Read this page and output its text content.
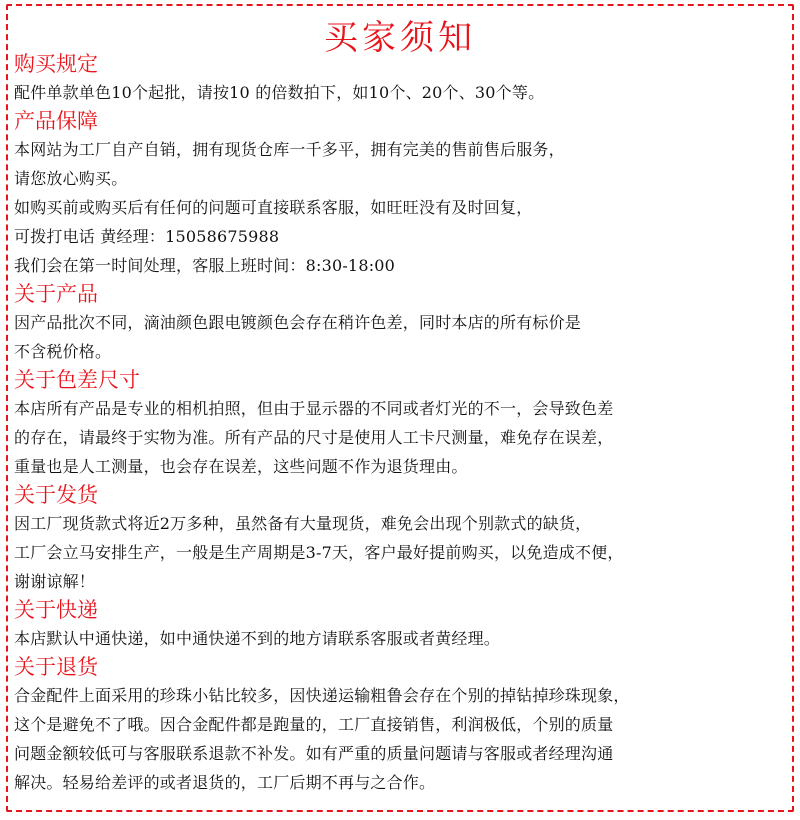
买家须知
购买规定

配件单款单色10个起批，请按10 的倍数拍下，如10个、20个、30个等。

产品保障

本网站为工厂自产自销，拥有现货仓库一千多平，拥有完美的售前售后服务，

请您放心购买。

如购买前或购买后有任何的问题可直接联系客服，如旺旺没有及时回复，

可拨打电话 黄经理：15058675988

我们会在第一时间处理，客服上班时间：8:30-18:00

关于产品

因产品批次不同，滴油颜色跟电镀颜色会存在稍许色差，同时本店的所有标价是

不含税价格。

关于色差尺寸

本店所有产品是专业的相机拍照，但由于显示器的不同或者灯光的不一，会导致色差

的存在，请最终于实物为准。所有产品的尺寸是使用人工卡尺测量，难免存在误差，

重量也是人工测量，也会存在误差，这些问题不作为退货理由。

关于发货

因工厂现货款式将近2万多种，虽然备有大量现货，难免会出现个别款式的缺货，

工厂会立马安排生产，一般是生产周期是3-7天，客户最好提前购买，以免造成不便，

谢谢谅解！

关于快递

本店默认中通快递，如中通快递不到的地方请联系客服或者黄经理。

关于退货

合金配件上面采用的珍珠小钻比较多，因快递运输粗鲁会存在个别的掉钻掉珍珠现象，

这个是避免不了哦。因合金配件都是跑量的，工厂直接销售，利润极低，个别的质量

问题金额较低可与客服联系退款不补发。如有严重的质量问题请与客服或者经理沟通

解决。轻易给差评的或者退货的，工厂后期不再与之合作。
